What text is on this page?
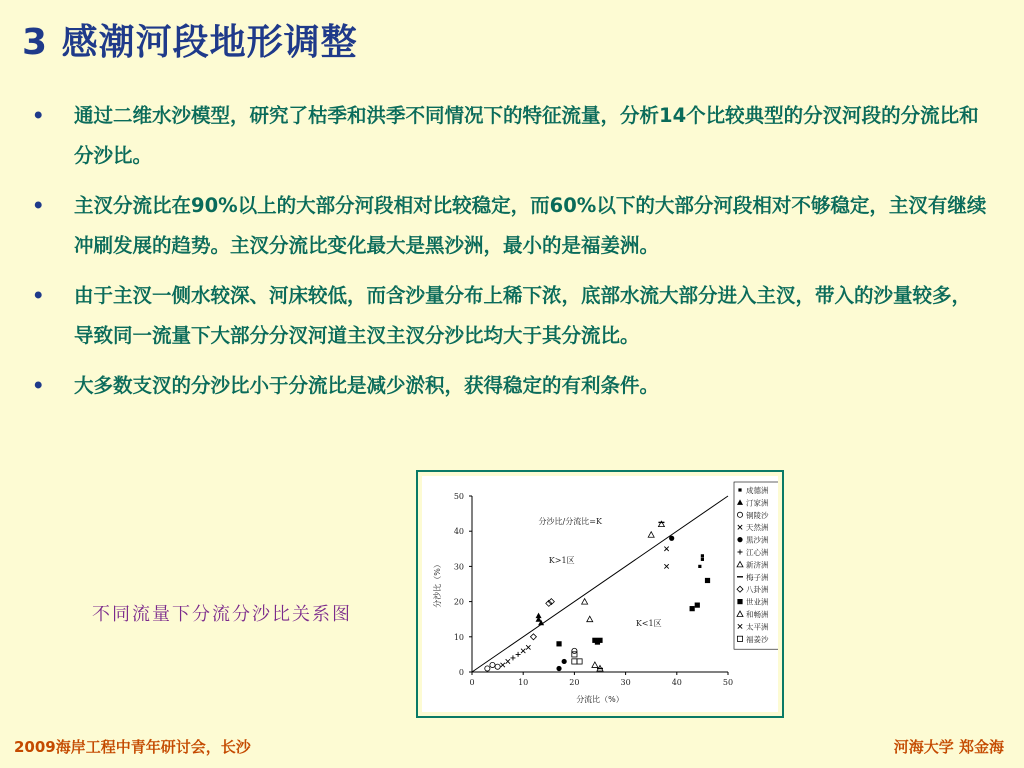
3 感潮河段地形调整
• 通过二维水沙模型，研究了枯季和洪季不同情况下的特征流量，分析14个比较典型的分汊河段的分流比和分沙比。
• 主汊分流比在90%以上的大部分河段相对比较稳定，而60%以下的大部分河段相对不够稳定，主汊有继续冲刷发展的趋势。主汊分流比变化最大是黑沙洲，最小的是福姜洲。
• 由于主汊一侧水较深、河床较低，而含沙量分布上稀下浓，底部水流大部分进入主汊，带入的沙量较多，导致同一流量下大部分分汊河道主汊主汊分沙比均大于其分流比。
• 大多数支汊的分沙比小于分流比是减少淤积，获得稳定的有利条件。
不同流量下分流分沙比关系图
0	10	20	30	40	50
0
10
20
30
40
50
分流比（%）
分沙比（%）
分沙比/分流比=K
K>1区
K<1区
成德洲
汀家洲
铜陵沙
天然洲
黑沙洲
江心洲
新济洲
梅子洲
八卦洲
世业洲
和畅洲
太平洲
福姜沙
2009海岸工程中青年研讨会，长沙	河海大学 郑金海
